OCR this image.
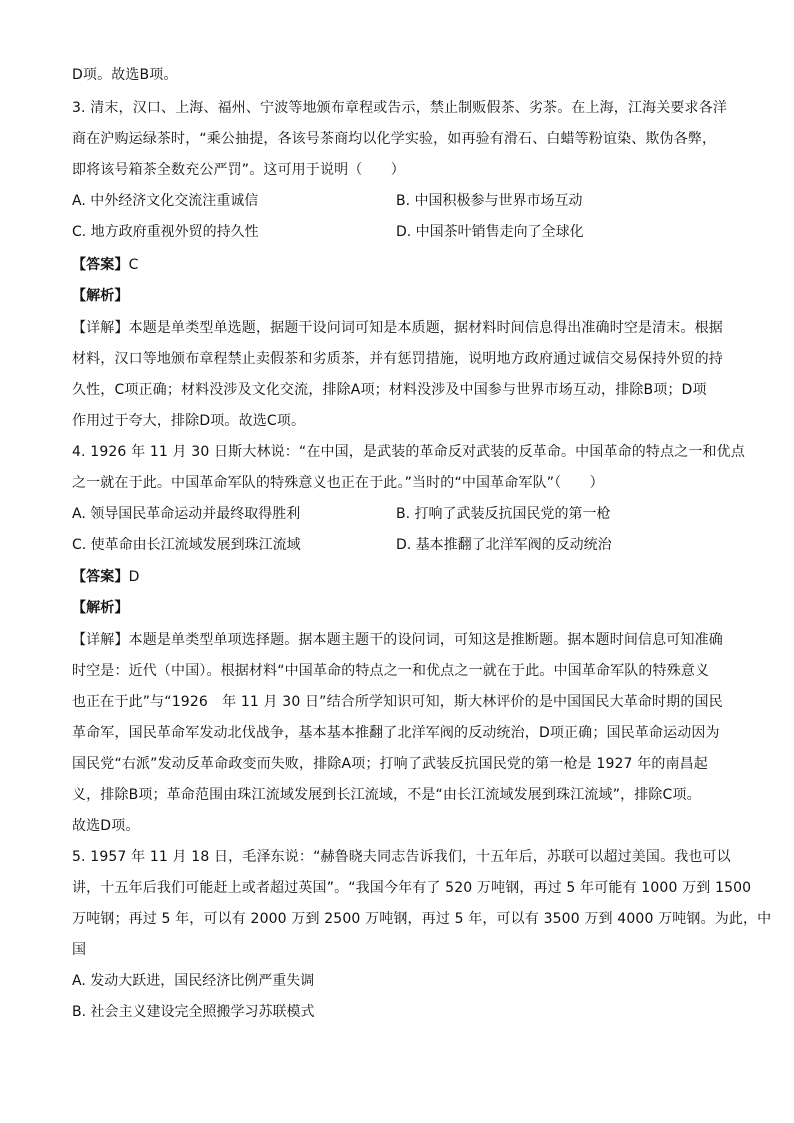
D项。故选B项。
3. 清末，汉口、上海、福州、宁波等地颁布章程或告示，禁止制贩假茶、劣茶。在上海，江海关要求各洋
商在沪购运绿茶时，“乘公抽提，各该号茶商均以化学实验，如再验有滑石、白蜡等粉谊染、欺伪各弊，
即将该号箱茶全数充公严罚”。这可用于说明（　　）
A. 中外经济文化交流注重诚信	B. 中国积极参与世界市场互动
C. 地方政府重视外贸的持久性	D. 中国茶叶销售走向了全球化
【答案】C
【解析】
【详解】本题是单类型单选题，据题干设问词可知是本质题，据材料时间信息得出准确时空是清末。根据
材料，汉口等地颁布章程禁止卖假茶和劣质茶，并有惩罚措施，说明地方政府通过诚信交易保持外贸的持
久性，C项正确；材料没涉及文化交流，排除A项；材料没涉及中国参与世界市场互动，排除B项；D项
作用过于夸大，排除D项。故选C项。
4. 1926 年 11 月 30 日斯大林说：“在中国，是武装的革命反对武装的反革命。中国革命的特点之一和优点
之一就在于此。中国革命军队的特殊意义也正在于此。”当时的“中国革命军队”（　　）
A. 领导国民革命运动并最终取得胜利	B. 打响了武装反抗国民党的第一枪
C. 使革命由长江流域发展到珠江流域	D. 基本推翻了北洋军阀的反动统治
【答案】D
【解析】
【详解】本题是单类型单项选择题。据本题主题干的设问词，可知这是推断题。据本题时间信息可知准确
时空是：近代（中国）。根据材料“中国革命的特点之一和优点之一就在于此。中国革命军队的特殊意义
也正在于此”与“1926　年 11 月 30 日”结合所学知识可知，斯大林评价的是中国国民大革命时期的国民
革命军，国民革命军发动北伐战争，基本基本推翻了北洋军阀的反动统治，D项正确；国民革命运动因为
国民党“右派”发动反革命政变而失败，排除A项；打响了武装反抗国民党的第一枪是 1927 年的南昌起
义，排除B项；革命范围由珠江流域发展到长江流域，不是“由长江流域发展到珠江流域”，排除C项。
故选D项。
5. 1957 年 11 月 18 日，毛泽东说：“赫鲁晓夫同志告诉我们，十五年后，苏联可以超过美国。我也可以
讲，十五年后我们可能赶上或者超过英国”。“我国今年有了 520 万吨钢，再过 5 年可能有 1000 万到 1500
万吨钢；再过 5 年，可以有 2000 万到 2500 万吨钢，再过 5 年，可以有 3500 万到 4000 万吨钢。为此，中
国
A. 发动大跃进，国民经济比例严重失调
B. 社会主义建设完全照搬学习苏联模式
